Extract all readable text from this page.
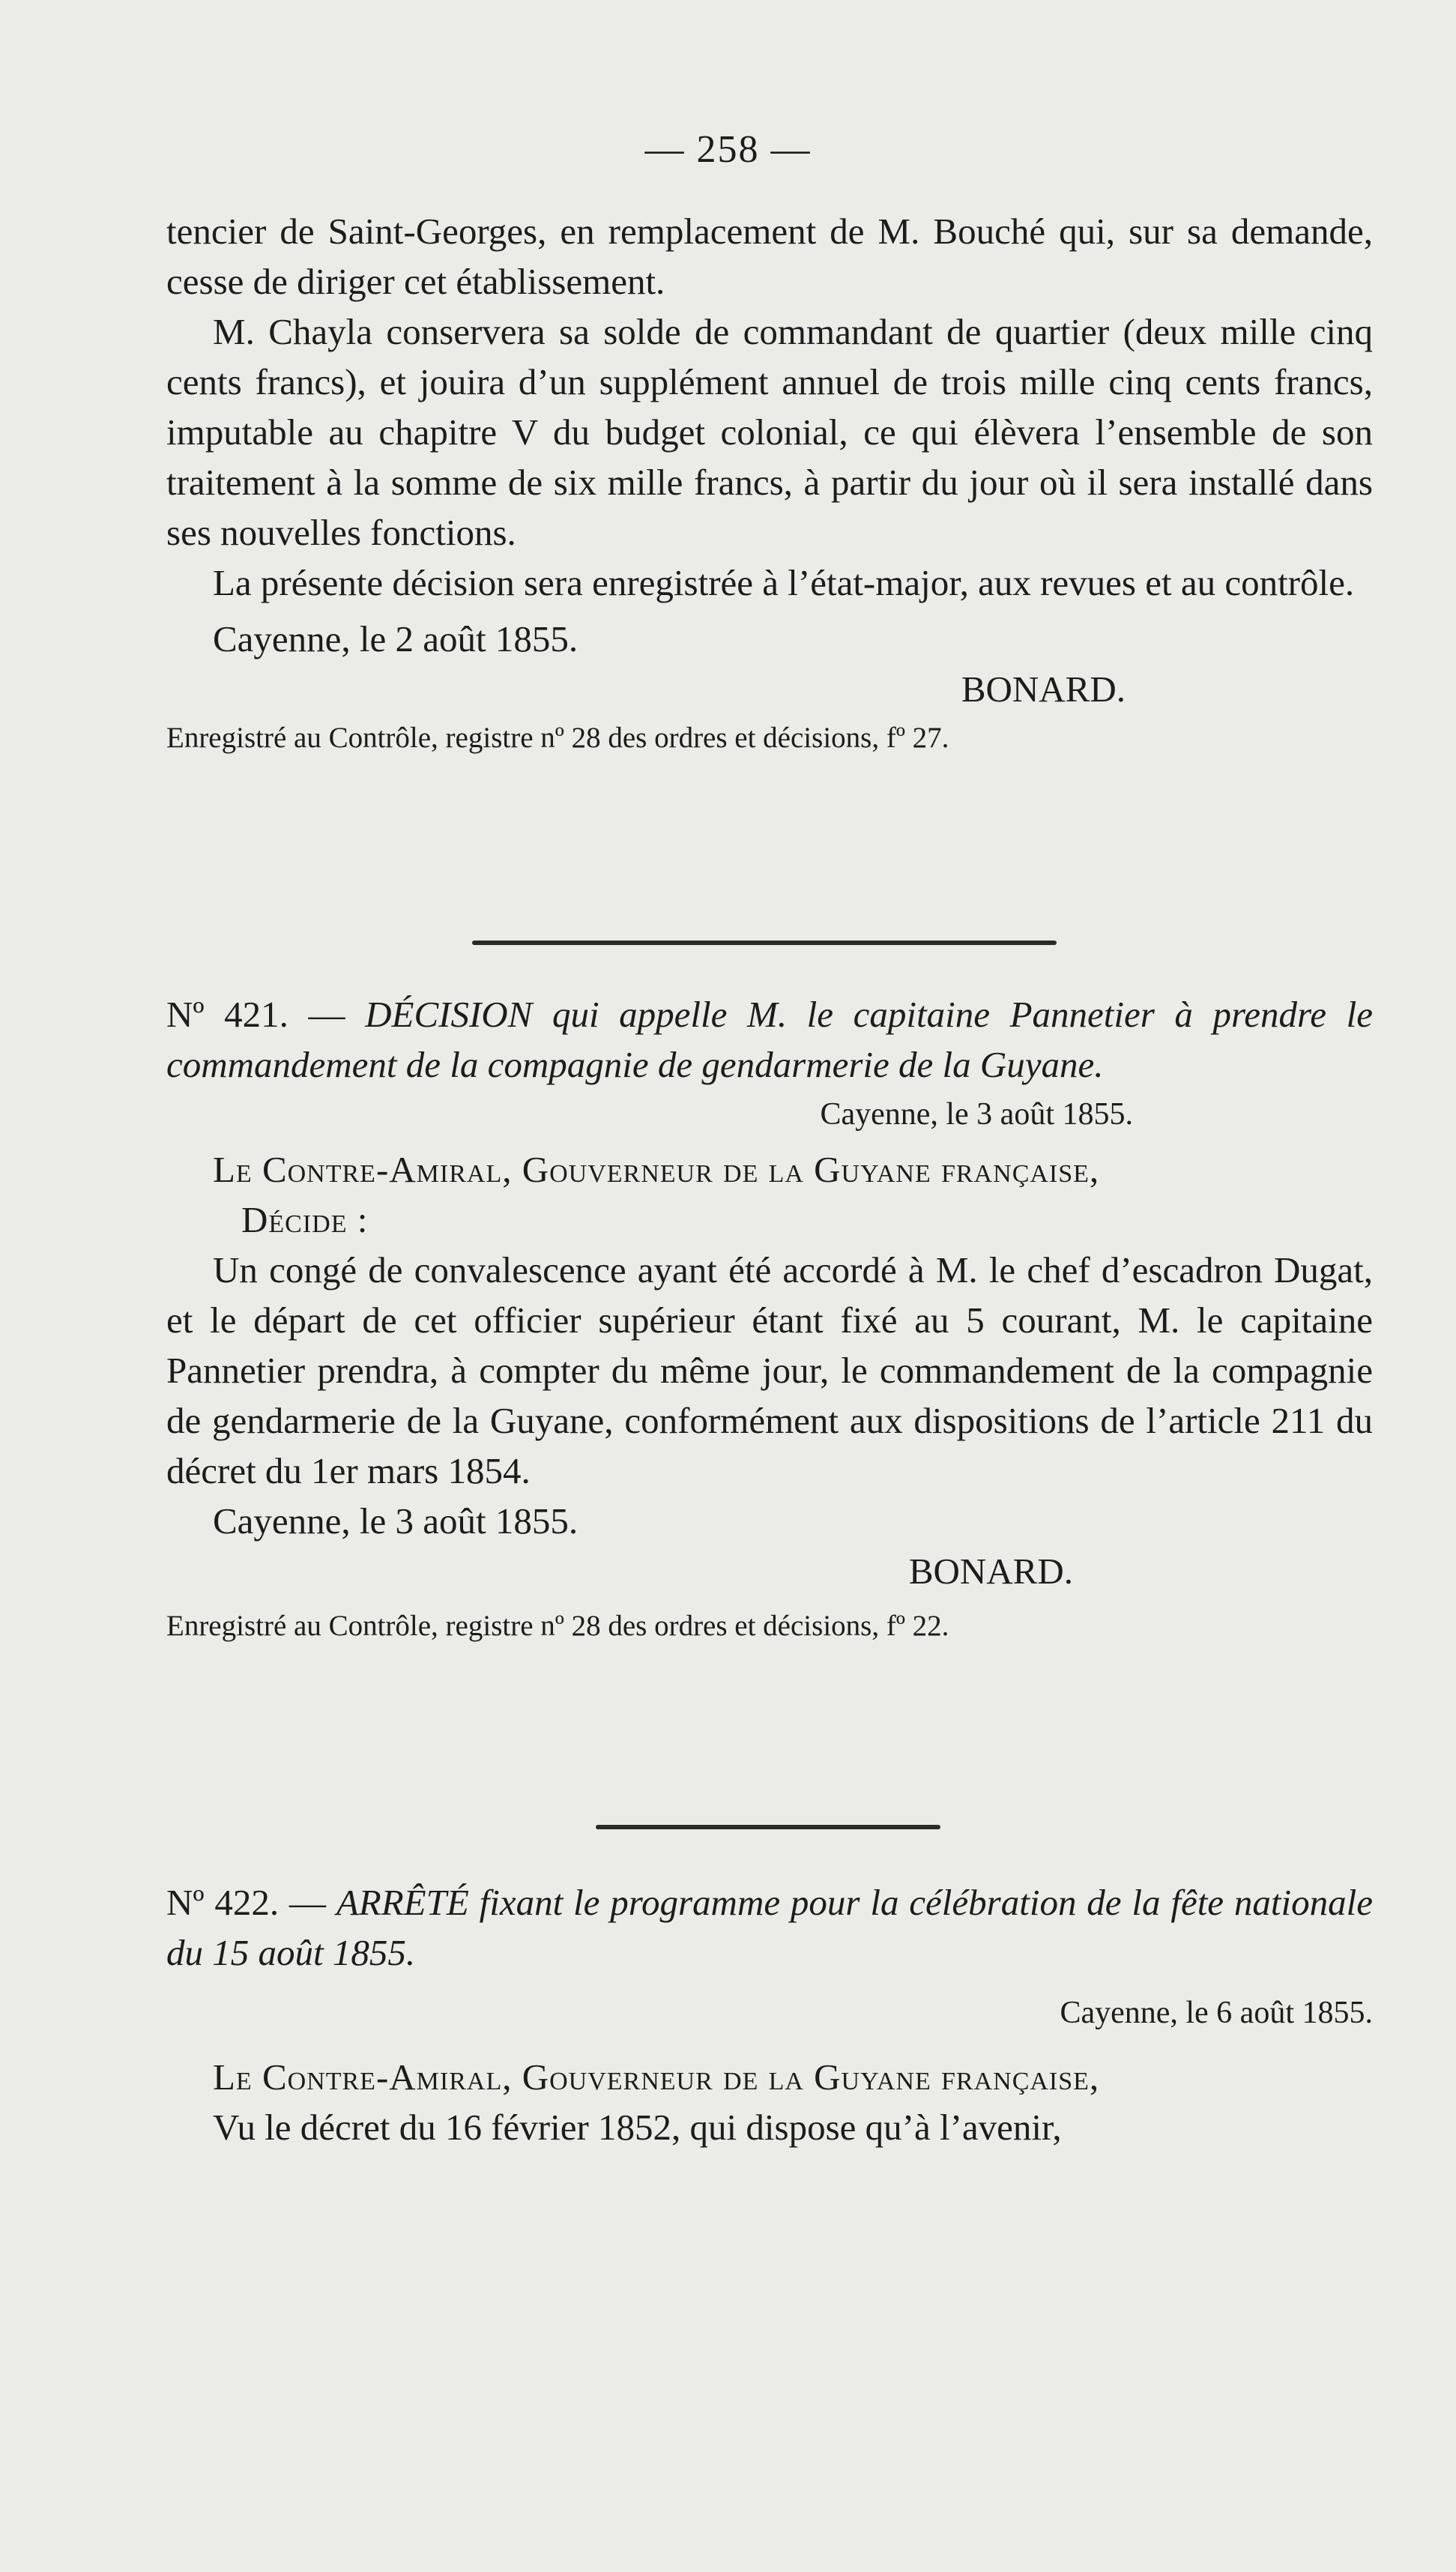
— 258 —

tencier de Saint-Georges, en remplacement de M. Bouché qui, sur sa demande, cesse de diriger cet établissement.

M. Chayla conservera sa solde de commandant de quartier (deux mille cinq cents francs), et jouira d’un supplément annuel de trois mille cinq cents francs, imputable au chapitre V du budget colonial, ce qui élèvera l’ensemble de son traitement à la somme de six mille francs, à partir du jour où il sera installé dans ses nouvelles fonctions.

La présente décision sera enregistrée à l’état-major, aux revues et au contrôle.

Cayenne, le 2 août 1855.

BONARD.

Enregistré au Contrôle, registre nº 28 des ordres et décisions, fº 27.

Nº 421. — DÉCISION qui appelle M. le capitaine Pannetier à prendre le commandement de la compagnie de gendarmerie de la Guyane.

Cayenne, le 3 août 1855.

Le Contre-Amiral, Gouverneur de la Guyane française,

Décide :

Un congé de convalescence ayant été accordé à M. le chef d’escadron Dugat, et le départ de cet officier supérieur étant fixé au 5 courant, M. le capitaine Pannetier prendra, à compter du même jour, le commandement de la compagnie de gendarmerie de la Guyane, conformément aux dispositions de l’article 211 du décret du 1er mars 1854.

Cayenne, le 3 août 1855.

BONARD.

Enregistré au Contrôle, registre nº 28 des ordres et décisions, fº 22.

Nº 422. — ARRÊTÉ fixant le programme pour la célébration de la fête nationale du 15 août 1855.

Cayenne, le 6 août 1855.

Le Contre-Amiral, Gouverneur de la Guyane française,

Vu le décret du 16 février 1852, qui dispose qu’à l’avenir,
